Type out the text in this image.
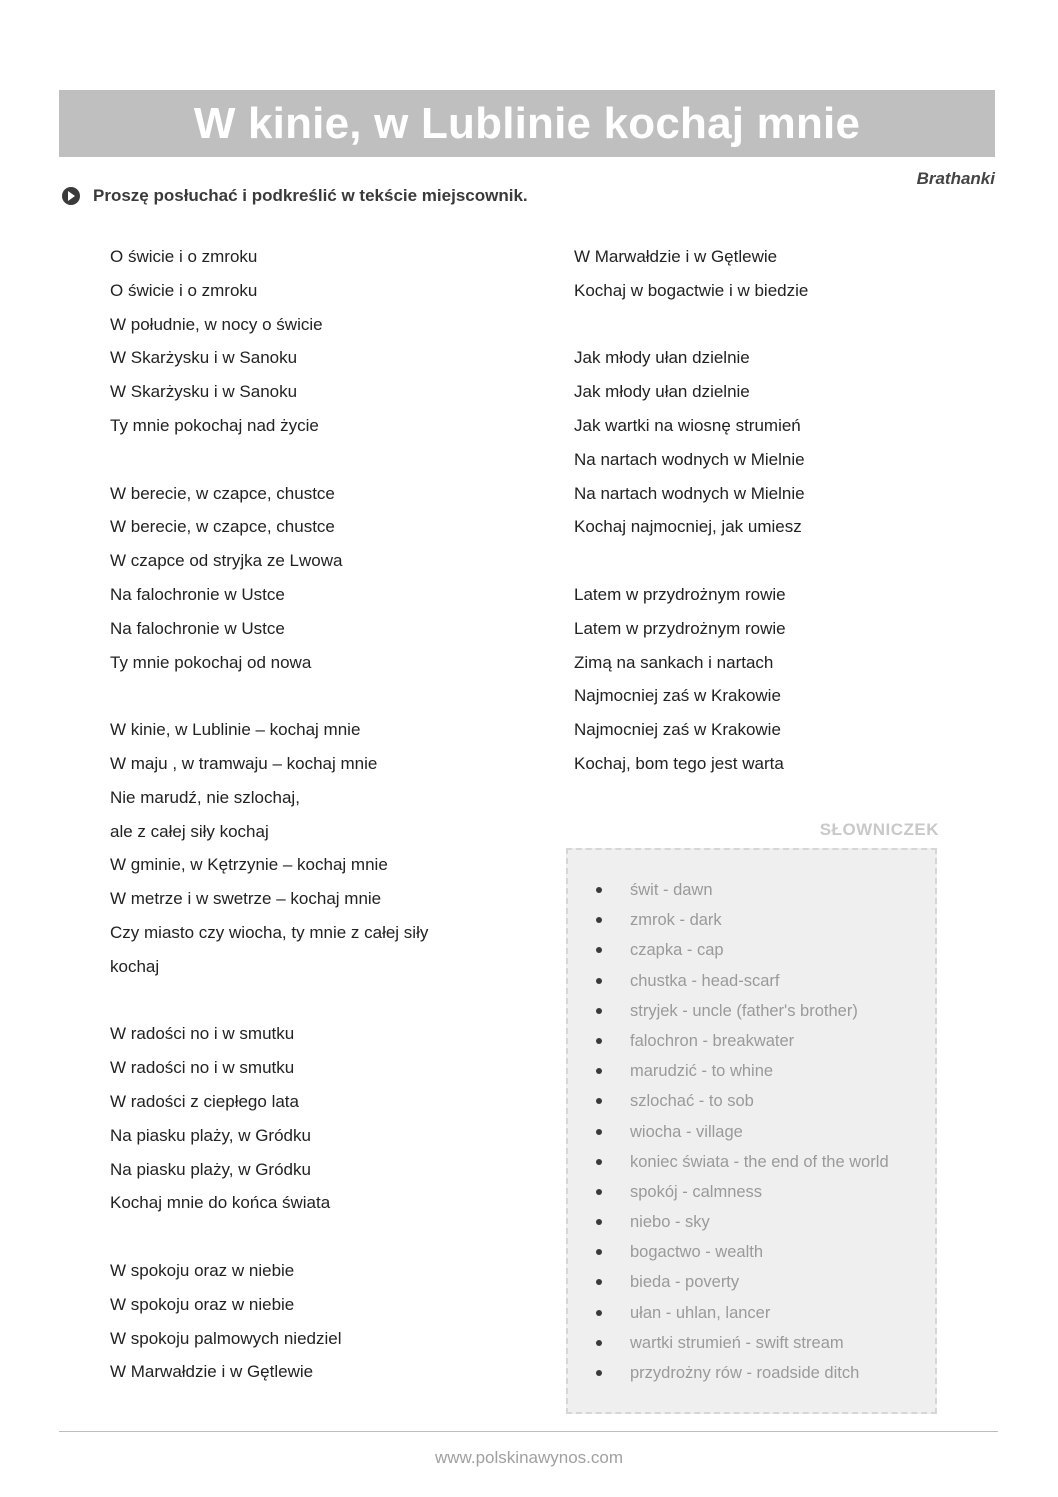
W kinie, w Lublinie kochaj mnie
Brathanki
Proszę posłuchać i podkreślić w tekście miejscownik.
O świcie i o zmroku
O świcie i o zmroku
W południe, w nocy o świcie
W Skarżysku i w Sanoku
W Skarżysku i w Sanoku
Ty mnie pokochaj nad życie
W berecie, w czapce, chustce
W berecie, w czapce, chustce
W czapce od stryjka ze Lwowa
Na falochronie w Ustce
Na falochronie w Ustce
Ty mnie pokochaj od nowa
W kinie, w Lublinie – kochaj mnie
W maju , w tramwaju – kochaj mnie
Nie marudź, nie szlochaj,
ale z całej siły kochaj
W gminie, w Kętrzynie – kochaj mnie
W metrze i w swetrze – kochaj mnie
Czy miasto czy wiocha, ty mnie z całej siły
kochaj
W radości no i w smutku
W radości no i w smutku
W radości z ciepłego lata
Na piasku plaży, w Gródku
Na piasku plaży, w Gródku
Kochaj mnie do końca świata
W spokoju oraz w niebie
W spokoju oraz w niebie
W spokoju palmowych niedziel
W Marwałdzie i w Gętlewie
W Marwałdzie i w Gętlewie
Kochaj w bogactwie i w biedzie
Jak młody ułan dzielnie
Jak młody ułan dzielnie
Jak wartki na wiosnę strumień
Na nartach wodnych w Mielnie
Na nartach wodnych w Mielnie
Kochaj najmocniej, jak umiesz
Latem w przydrożnym rowie
Latem w przydrożnym rowie
Zimą na sankach i nartach
Najmocniej zaś w Krakowie
Najmocniej zaś w Krakowie
Kochaj, bom tego jest warta
SŁOWNICZEK
świt - dawn
zmrok - dark
czapka - cap
chustka - head-scarf
stryjek - uncle (father's brother)
falochron - breakwater
marudzić - to whine
szlochać - to sob
wiocha - village
koniec świata - the end of the world
spokój - calmness
niebo - sky
bogactwo - wealth
bieda - poverty
ułan - uhlan, lancer
wartki strumień - swift stream
przydrożny rów - roadside ditch
www.polskinawynos.com
